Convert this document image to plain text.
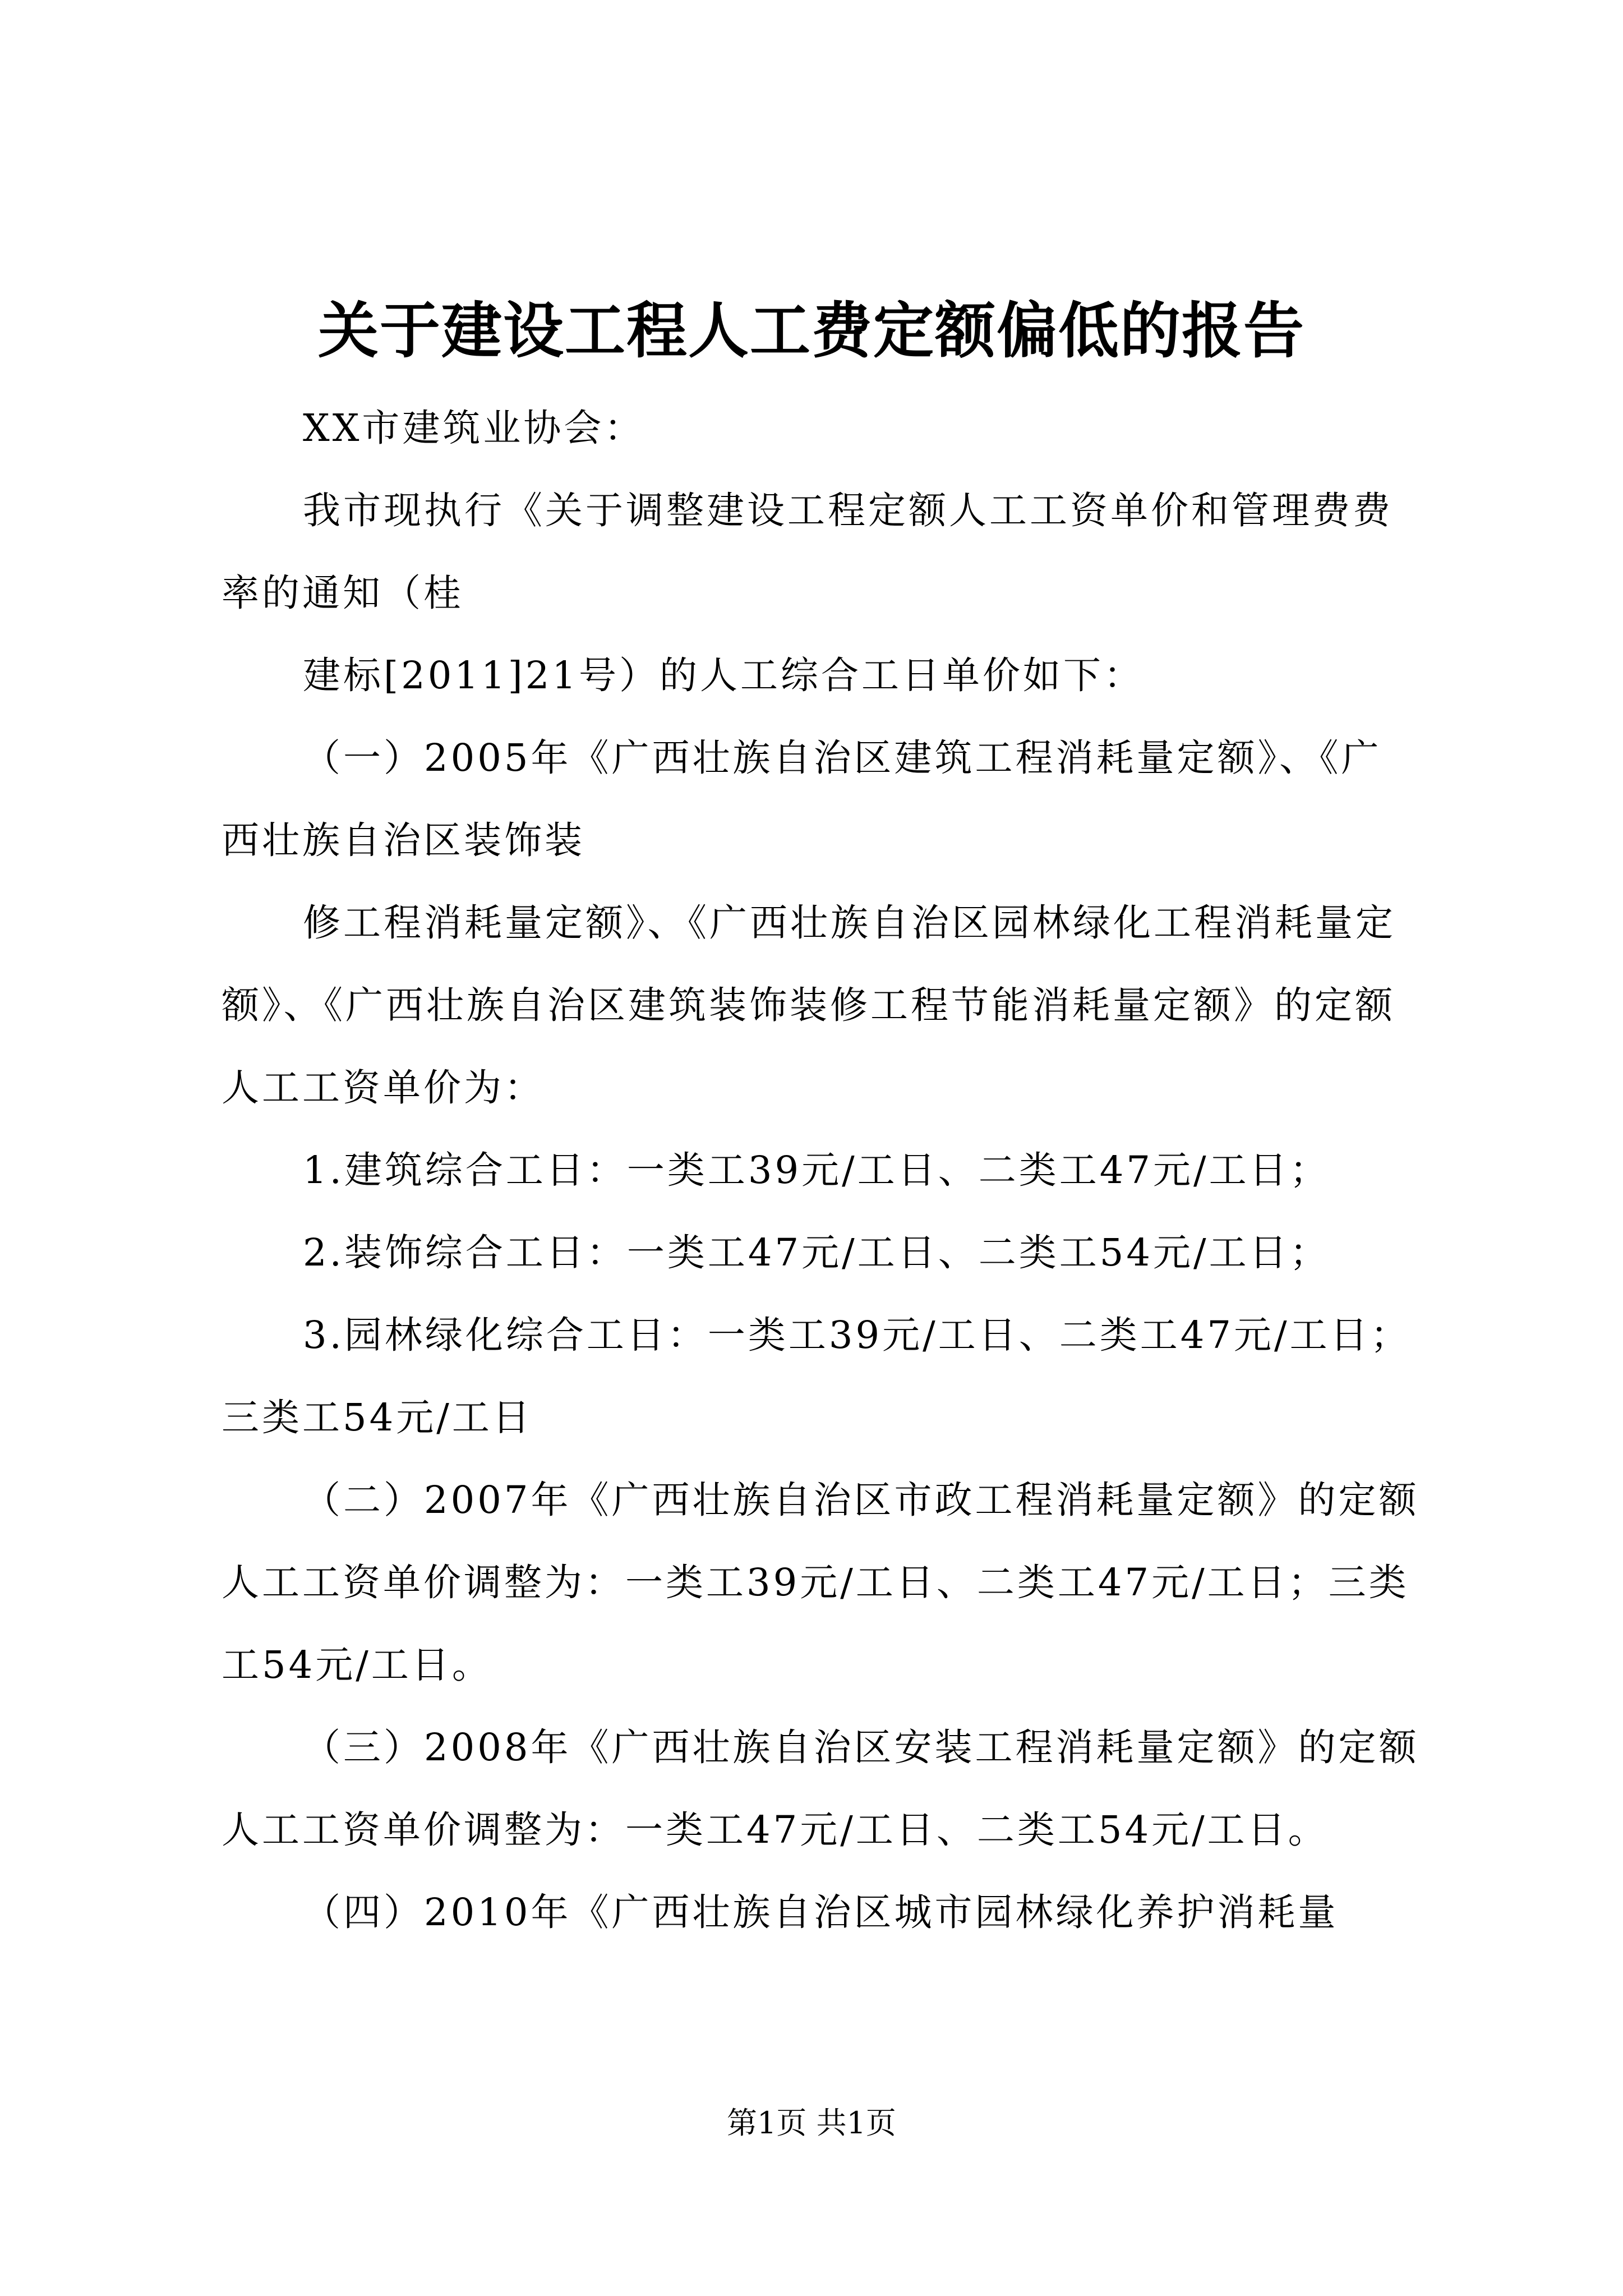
关于建设工程人工费定额偏低的报告

XX市建筑业协会：

我市现执行《关于调整建设工程定额人工工资单价和管理费费率的通知（桂

建标[2011]21号）的人工综合工日单价如下：

（一）2005年《广西壮族自治区建筑工程消耗量定额》、《广西壮族自治区装饰装

修工程消耗量定额》、《广西壮族自治区园林绿化工程消耗量定额》、《广西壮族自治区建筑装饰装修工程节能消耗量定额》的定额人工工资单价为：

1.建筑综合工日：一类工39元/工日、二类工47元/工日；

2.装饰综合工日：一类工47元/工日、二类工54元/工日；

3.园林绿化综合工日：一类工39元/工日、二类工47元/工日；三类工54元/工日

（二）2007年《广西壮族自治区市政工程消耗量定额》的定额人工工资单价调整为：一类工39元/工日、二类工47元/工日；三类工54元/工日。

（三）2008年《广西壮族自治区安装工程消耗量定额》的定额人工工资单价调整为：一类工47元/工日、二类工54元/工日。

（四）2010年《广西壮族自治区城市园林绿化养护消耗量

第1页 共1页
